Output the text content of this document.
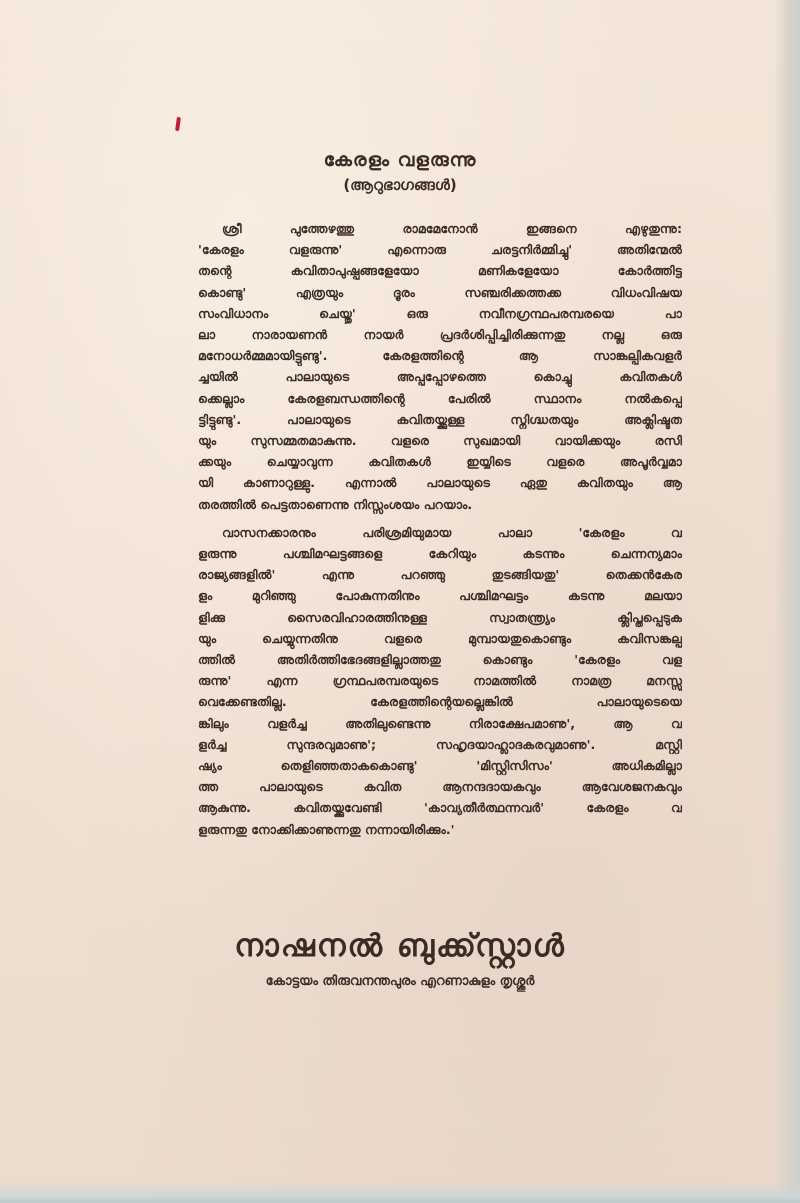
കേരളം വളരുന്നു
(ആറുഭാഗങ്ങൾ)
ശ്രീ പുത്തേഴത്തു രാമമേനോൻ ഇങ്ങനെ എഴുതുന്നു:
'കേരളം വളരുന്നു' എന്നൊരു ചരട്ടനിർമ്മിച്ചു' അതിന്മേൽ
തന്റെ കവിതാപുഷ്പങ്ങളേയോ മണികളേയോ കോർത്തിട്ട
കൊണ്ടു' എത്രയും ദൂരം സഞ്ചരിക്കത്തക്ക വിധംവിഷയ
സംവിധാനം ചെയ്തു' ഒരു നവീനഗ്രന്ഥപരമ്പരയെ പാ
ലാ നാരായണൻ നായർ പ്രദർശിപ്പിച്ചിരിക്കുന്നതു നല്ല ഒരു
മനോധർമ്മമായിട്ടുണ്ടു'. കേരളത്തിന്റെ ആ സാങ്കല്പികവളർ
ച്ചയിൽ പാലായുടെ അപ്പപ്പോഴത്തെ കൊച്ചു കവിതകൾ
ക്കെല്ലാം കേരളബന്ധത്തിന്റെ പേരിൽ സ്ഥാനം നൽകപ്പെ
ട്ടിട്ടുണ്ടു'. പാലായുടെ കവിതയ്ക്കുള്ള സ്നിഗ്ദ്ധതയും അക്ലിഷ്ടത
യും സുസമ്മതമാകുന്നു. വളരെ സുഖമായി വായിക്കയും രസി
ക്കയും ചെയ്യാവുന്ന കവിതകൾ ഇയ്യിടെ വളരെ അപൂർവ്വമാ
യി കാണാറുള്ളു. എന്നാൽ പാലായുടെ ഏതു കവിതയും ആ
തരത്തിൽ പെട്ടതാണെന്നു നിസ്സംശയം പറയാം.
വാസനക്കാരനും പരിശ്രമിയുമായ പാലാ 'കേരളം വ
ളരുന്നു പശ്ചിമഘട്ടങ്ങളെ കേറിയും കടന്നും ചെന്നന്യമാം
രാജ്യങ്ങളിൽ' എന്നു പറഞ്ഞു തുടങ്ങിയതു' തെക്കൻകേര
ളം മുറിഞ്ഞു പോകുന്നതിനും പശ്ചിമഘട്ടം കടന്നു മലയാ
ളിക്കു സൈരവിഹാരത്തിനുള്ള സ്വാതന്ത്ര്യം ക്ലിപ്തപ്പെടുക
യും ചെയ്യുന്നതിനു വളരെ മുമ്പായതുകൊണ്ടും കവിസങ്കല്പ
ത്തിൽ അതിർത്തിഭേദങ്ങളില്ലാത്തതു കൊണ്ടും 'കേരളം വള
രുന്നു' എന്ന ഗ്രന്ഥപരമ്പരയുടെ നാമത്തിൽ നാമത്ര മനസ്സു
വെക്കേണ്ടതില്ല. കേരളത്തിന്റെയല്ലെങ്കിൽ പാലായുടെയെ
ങ്കിലും വളർച്ച അതിലുണ്ടെന്നു നിരാക്ഷേപമാണു', ആ വ
ളർച്ച സുന്ദരവുമാണു'; സഹൃദയാഹ്ലാദകരവുമാണു'. മസ്റ്റി
ഷ്യം തെളിഞ്ഞതാകകൊണ്ടു' 'മിസ്റ്റിസിസം' അധികമില്ലാ
ത്ത പാലായുടെ കവിത ആനന്ദദായകവും ആവേശജനകവും
ആകുന്നു. കവിതയ്ക്കുവേണ്ടി 'കാവ്യതീർത്ഥന്നവർ' കേരളം വ
ളരുന്നതു നോക്കിക്കാണുന്നതു നന്നായിരിക്കും.'
നാഷനൽ ബുക്ക്സ്റ്റാൾ
കോട്ടയം തിരുവനന്തപുരം എറണാകുളം തൃശ്ശൂർ
